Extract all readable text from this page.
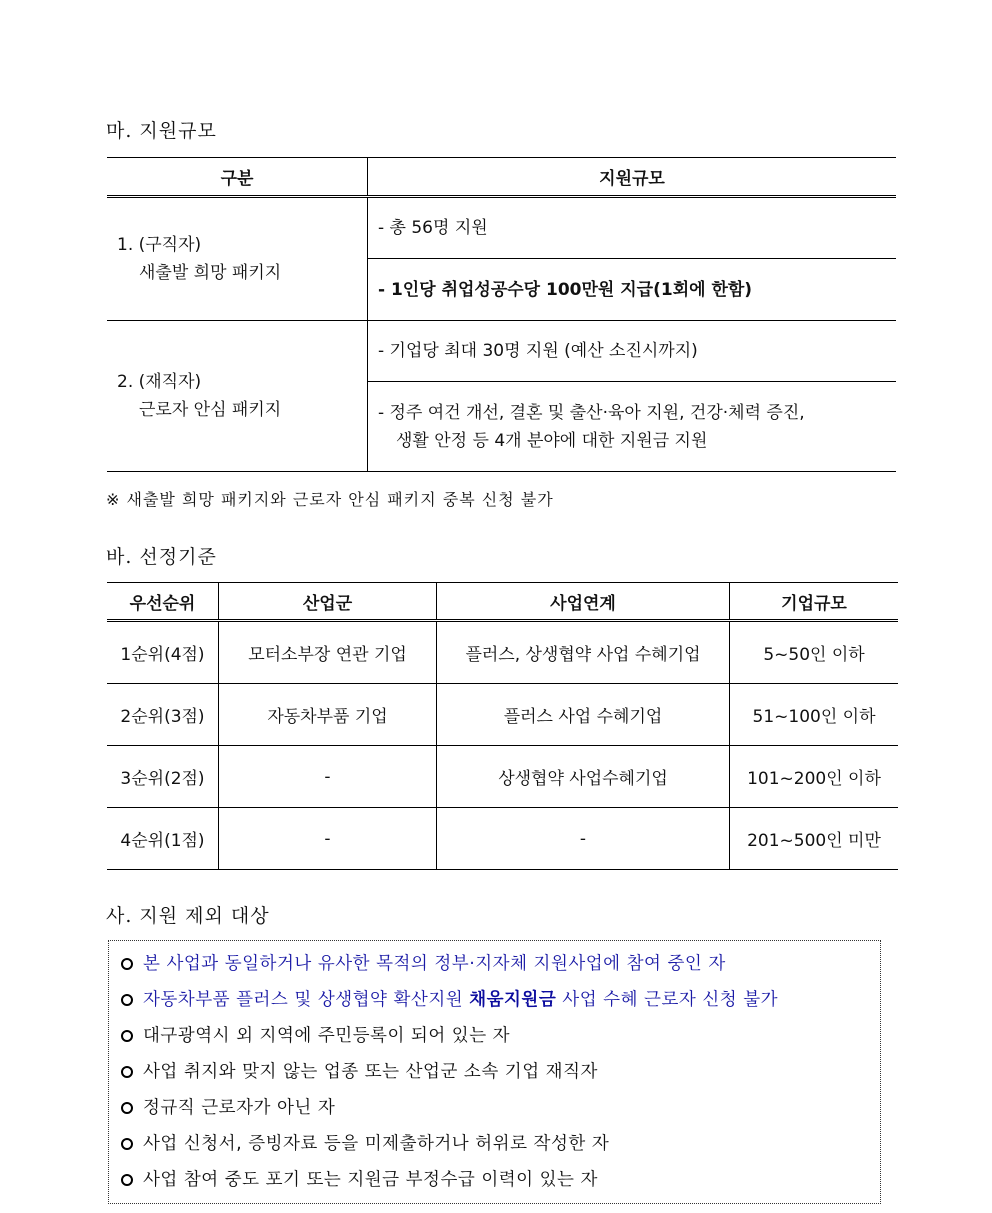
마. 지원규모
구분	지원규모
1. (구직자)

새출발 희망 패키지	- 총 56명 지원
	- 1인당 취업성공수당 100만원 지급(1회에 한함)
2. (재직자)

근로자 안심 패키지	- 기업당 최대 30명 지원 (예산 소진시까지)
	- 정주 여건 개선, 결혼 및 출산·육아 지원, 건강·체력 증진,
생활 안정 등 4개 분야에 대한 지원금 지원
※ 새출발 희망 패키지와 근로자 안심 패키지 중복 신청 불가
바. 선정기준
우선순위	산업군	사업연계	기업규모
1순위(4점)	모터소부장 연관 기업	플러스, 상생협약 사업 수혜기업	5~50인 이하
2순위(3점)	자동차부품 기업	플러스 사업 수혜기업	51~100인 이하
3순위(2점)	-	상생협약 사업수혜기업	101~200인 이하
4순위(1점)	-	-	201~500인 미만
사. 지원 제외 대상
본 사업과 동일하거나 유사한 목적의 정부·지자체 지원사업에 참여 중인 자
자동차부품 플러스 및 상생협약 확산지원 채움지원금 사업 수혜 근로자 신청 불가
대구광역시 외 지역에 주민등록이 되어 있는 자
사업 취지와 맞지 않는 업종 또는 산업군 소속 기업 재직자
정규직 근로자가 아닌 자
사업 신청서, 증빙자료 등을 미제출하거나 허위로 작성한 자
사업 참여 중도 포기 또는 지원금 부정수급 이력이 있는 자
